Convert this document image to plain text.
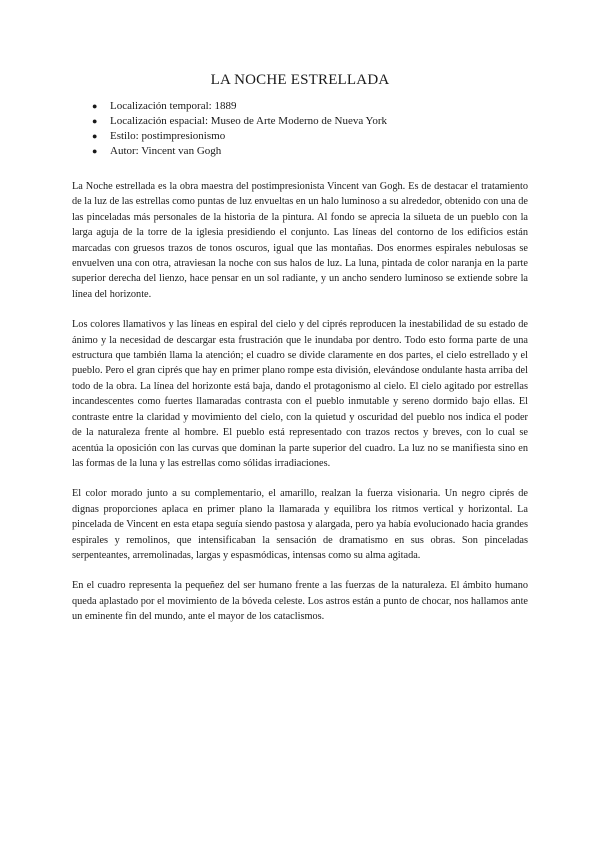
LA NOCHE ESTRELLADA
● Localización temporal: 1889
● Localización espacial: Museo de Arte Moderno de Nueva York
● Estilo: postimpresionismo
● Autor: Vincent van Gogh

La Noche estrellada es la obra maestra del postimpresionista Vincent van Gogh. Es de destacar el tratamiento de la luz de las estrellas como puntas de luz envueltas en un halo luminoso a su alrededor, obtenido con una de las pinceladas más personales de la historia de la pintura. Al fondo se aprecia la silueta de un pueblo con la larga aguja de la torre de la iglesia presidiendo el conjunto. Las líneas del contorno de los edificios están marcadas con gruesos trazos de tonos oscuros, igual que las montañas. Dos enormes espirales nebulosas se envuelven una con otra, atraviesan la noche con sus halos de luz. La luna, pintada de color naranja en la parte superior derecha del lienzo, hace pensar en un sol radiante, y un ancho sendero luminoso se extiende sobre la línea del horizonte.

Los colores llamativos y las líneas en espiral del cielo y del ciprés reproducen la inestabilidad de su estado de ánimo y la necesidad de descargar esta frustración que le inundaba por dentro. Todo esto forma parte de una estructura que también llama la atención; el cuadro se divide claramente en dos partes, el cielo estrellado y el pueblo. Pero el gran ciprés que hay en primer plano rompe esta división, elevándose ondulante hasta arriba del todo de la obra. La línea del horizonte está baja, dando el protagonismo al cielo. El cielo agitado por estrellas incandescentes como fuertes llamaradas contrasta con el pueblo inmutable y sereno dormido bajo ellas. El contraste entre la claridad y movimiento del cielo, con la quietud y oscuridad del pueblo nos indica el poder de la naturaleza frente al hombre. El pueblo está representado con trazos rectos y breves, con lo cual se acentúa la oposición con las curvas que dominan la parte superior del cuadro. La luz no se manifiesta sino en las formas de la luna y las estrellas como sólidas irradiaciones.

El color morado junto a su complementario, el amarillo, realzan la fuerza visionaria. Un negro ciprés de dignas proporciones aplaca en primer plano la llamarada y equilibra los ritmos vertical y horizontal. La pincelada de Vincent en esta etapa seguía siendo pastosa y alargada, pero ya había evolucionado hacia grandes espirales y remolinos, que intensificaban la sensación de dramatismo en sus obras. Son pinceladas serpenteantes, arremolinadas, largas y espasmódicas, intensas como su alma agitada.

En el cuadro representa la pequeñez del ser humano frente a las fuerzas de la naturaleza. El ámbito humano queda aplastado por el movimiento de la bóveda celeste. Los astros están a punto de chocar, nos hallamos ante un eminente fin del mundo, ante el mayor de los cataclismos.
